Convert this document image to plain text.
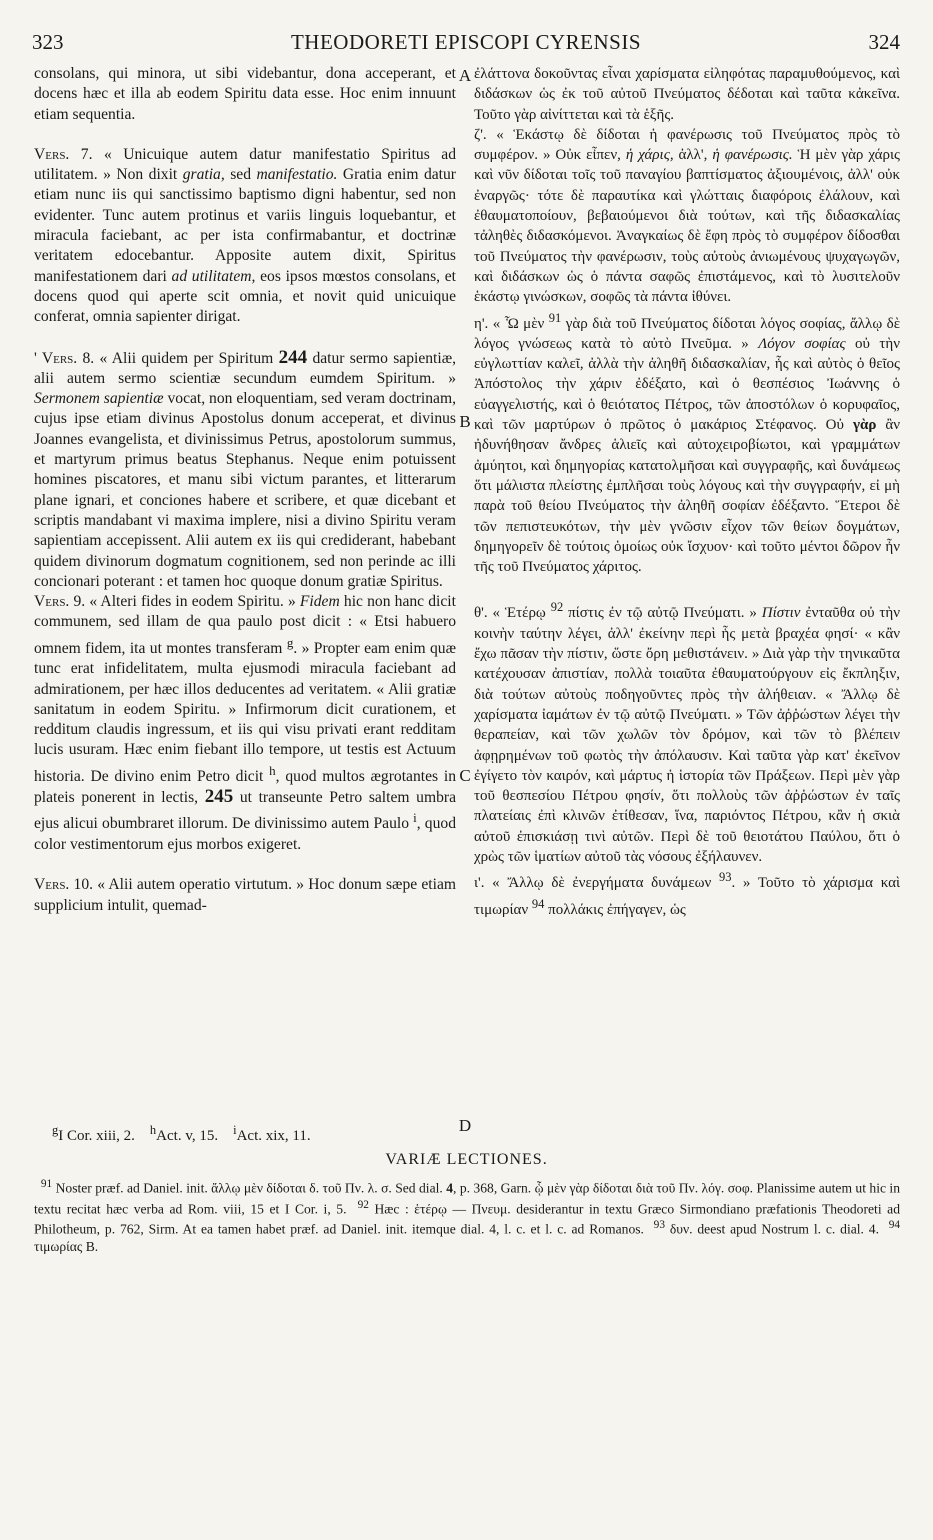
323	THEODORETI EPISCOPI CYRENSIS	324

consolans, qui minora, ut sibi videbantur, dona acceperant, et docens hæc et illa ab eodem Spiritu data esse. Hoc enim innuunt etiam sequentia.

Vers. 7. « Unicuique autem datur manifestatio Spiritus ad utilitatem. » Non dixit gratia, sed manifestatio. Gratia enim datur etiam nunc iis qui sanctissimo baptismo digni habentur, sed non evidenter. Tunc autem protinus et variis linguis loquebantur, et miracula faciebant, ac per ista confirmabantur, et doctrinæ veritatem edocebantur. Apposite autem dixit, Spiritus manifestationem dari ad utilitatem, eos ipsos mœstos consolans, et docens quod qui aperte scit omnia, et novit quid unicuique conferat, omnia sapienter dirigat.

' Vers. 8. « Alii quidem per Spiritum 244 datur sermo sapientiæ, alii autem sermo scientiæ secundum eumdem Spiritum. » Sermonem sapientiæ vocat, non eloquentiam, sed veram doctrinam, cujus ipse etiam divinus Apostolus donum acceperat, et divinus Joannes evangelista, et divinissimus Petrus, apostolorum summus, et martyrum primus beatus Stephanus. Neque enim potuissent homines piscatores, et manu sibi victum parantes, et litterarum plane ignari, et conciones habere et scribere, et quæ dicebant et scriptis mandabant vi maxima implere, nisi a divino Spiritu veram sapientiam accepissent. Alii autem ex iis qui crediderant, habebant quidem divinorum dogmatum cognitionem, sed non perinde ac illi concionari poterant : et tamen hoc quoque donum gratiæ Spiritus.

Vers. 9. « Alteri fides in eodem Spiritu. » Fidem hic non hanc dicit communem, sed illam de qua paulo post dicit : « Etsi habuero omnem fidem, ita ut montes transferam $^g$. » Propter eam enim quæ tunc erat infidelitatem, multa ejusmodi miracula faciebant ad admirationem, per hæc illos deducentes ad veritatem. « Alii gratiæ sanitatum in eodem Spiritu. » Infirmorum dicit curationem, et redditum claudis ingressum, et iis qui visu privati erant redditam lucis usuram. Hæc enim fiebant illo tempore, ut testis est Actuum historia. De divino enim Petro dicit $^h$, quod multos ægrotantes in plateis ponerent in lectis, 245 ut transeunte Petro saltem umbra ejus alicui obumbraret illorum. De divinissimo autem Paulo $^i$, quod color vestimentorum ejus morbos exigeret.

Vers. 10. « Alii autem operatio virtutum. » Hoc donum sæpe etiam supplicium intulit, quemad-

ἐλάττονα δοκοῦντας εἶναι χαρίσματα εἰληφότας παραμυθούμενος, καὶ διδάσκων ὡς ἐκ τοῦ αὐτοῦ Πνεύματος δέδοται καὶ ταῦτα κἀκεῖνα. Τοῦτο γὰρ αἰνίττεται καὶ τὰ ἑξῆς.

ζ'. « Ἑκάστῳ δὲ δίδοται ἡ φανέρωσις τοῦ Πνεύματος πρὸς τὸ συμφέρον. » Οὐκ εἶπεν, ἡ χάρις, ἀλλ', ἡ φανέρωσις. Ἡ μὲν γὰρ χάρις καὶ νῦν δίδοται τοῖς τοῦ παναγίου βαπτίσματος ἀξιουμένοις, ἀλλ' οὐκ ἐναργῶς· τότε δὲ παραυτίκα καὶ γλώτταις διαφόροις ἐλάλουν, καὶ ἐθαυματοποίουν, βεβαιούμενοι διὰ τούτων, καὶ τῆς διδασκαλίας τἀληθὲς διδασκόμενοι. Ἀναγκαίως δὲ ἔφη πρὸς τὸ συμφέρον δίδοσθαι τοῦ Πνεύματος τὴν φανέρωσιν, τοὺς αὐτοὺς ἀνιωμένους ψυχαγωγῶν, καὶ διδάσκων ὡς ὁ πάντα σαφῶς ἐπιστάμενος, καὶ τὸ λυσιτελοῦν ἑκάστῳ γινώσκων, σοφῶς τὰ πάντα ἰθύνει.

η'. « Ὧ μὲν $^{91}$ γὰρ διὰ τοῦ Πνεύματος δίδοται λόγος σοφίας, ἄλλῳ δὲ λόγος γνώσεως κατὰ τὸ αὐτὸ Πνεῦμα. » Λόγον σοφίας οὐ τὴν εὐγλωττίαν καλεῖ, ἀλλὰ τὴν ἀληθῆ διδασκαλίαν, ἧς καὶ αὐτὸς ὁ θεῖος Ἀπόστολος τὴν χάριν ἐδέξατο, καὶ ὁ θεσπέσιος Ἰωάννης ὁ εὐαγγελιστής, καὶ ὁ θειότατος Πέτρος, τῶν ἀποστόλων ὁ κορυφαῖος, καὶ τῶν μαρτύρων ὁ πρῶτος ὁ μακάριος Στέφανος. Οὐ γὰρ ἂν ἠδυνήθησαν ἄνδρες ἁλιεῖς καὶ αὐτοχειροβίωτοι, καὶ γραμμάτων ἀμύητοι, καὶ δημηγορίας κατατολμῆσαι καὶ συγγραφῆς, καὶ δυνάμεως ὅτι μάλιστα πλείστης ἐμπλῆσαι τοὺς λόγους καὶ τὴν συγγραφήν, εἰ μὴ παρὰ τοῦ θείου Πνεύματος τὴν ἀληθῆ σοφίαν ἐδέξαντο. Ἕτεροι δὲ τῶν πεπιστευκότων, τὴν μὲν γνῶσιν εἶχον τῶν θείων δογμάτων, δημηγορεῖν δὲ τούτοις ὁμοίως οὐκ ἴσχυον· καὶ τοῦτο μέντοι δῶρον ἦν τῆς τοῦ Πνεύματος χάριτος.

θ'. « Ἑτέρῳ $^{92}$ πίστις ἐν τῷ αὐτῷ Πνεύματι. » Πίστιν ἐνταῦθα οὐ τὴν κοινὴν ταύτην λέγει, ἀλλ' ἐκείνην περὶ ἧς μετὰ βραχέα φησί· « κἂν ἔχω πᾶσαν τὴν πίστιν, ὥστε ὄρη μεθιστάνειν. » Διὰ γὰρ τὴν τηνικαῦτα κατέχουσαν ἀπιστίαν, πολλὰ τοιαῦτα ἐθαυματούργουν εἰς ἔκπληξιν, διὰ τούτων αὐτοὺς ποδηγοῦντες πρὸς τὴν ἀλήθειαν. « Ἄλλῳ δὲ χαρίσματα ἰαμάτων ἐν τῷ αὐτῷ Πνεύματι. » Τῶν ἀῤῥώστων λέγει τὴν θεραπείαν, καὶ τῶν χωλῶν τὸν δρόμον, καὶ τῶν τὸ βλέπειν ἀφῃρημένων τοῦ φωτὸς τὴν ἀπόλαυσιν. Καὶ ταῦτα γὰρ κατ' ἐκεῖνον ἐγίγετο τὸν καιρόν, καὶ μάρτυς ἡ ἱστορία τῶν Πράξεων. Περὶ μὲν γὰρ τοῦ θεσπεσίου Πέτρου φησίν, ὅτι πολλοὺς τῶν ἀῤῥώστων ἐν ταῖς πλατείαις ἐπὶ κλινῶν ἐτίθεσαν, ἵνα, παριόντος Πέτρου, κἂν ἡ σκιὰ αὐτοῦ ἐπισκιάσῃ τινὶ αὐτῶν. Περὶ δὲ τοῦ θειοτάτου Παύλου, ὅτι ὁ χρὼς τῶν ἱματίων αὐτοῦ τὰς νόσους ἐξήλαυνεν.

ι'. « Ἄλλῳ δὲ ἐνεργήματα δυνάμεων $^{93}$. » Τοῦτο τὸ χάρισμα καὶ τιμωρίαν $^{94}$ πολλάκις ἐπήγαγεν, ὡς

A
B
C
D
$^g$I Cor. xiii, 2. $^h$Act. v, 15. $^i$Act. xix, 11.
VARIÆ LECTIONES.

$^{91}$ Noster præf. ad Daniel. init. ἄλλῳ μὲν δίδοται δ. τοῦ Πν. λ. σ. Sed dial. 4, p. 368, Garn. ᾧ μὲν γὰρ δίδοται διὰ τοῦ Πν. λόγ. σοφ. Planissime autem ut hic in textu recitat hæc verba ad Rom. viii, 15 et I Cor. i, 5. $^{92}$ Hæc : ἑτέρῳ — Πνευμ. desiderantur in textu Græco Sirmondiano præfationis Theodoreti ad Philotheum, p. 762, Sirm. At ea tamen habet præf. ad Daniel. init. itemque dial. 4, l. c. et l. c. ad Romanos. $^{93}$ δυν. deest apud Nostrum l. c. dial. 4. $^{94}$ τιμωρίας B.
